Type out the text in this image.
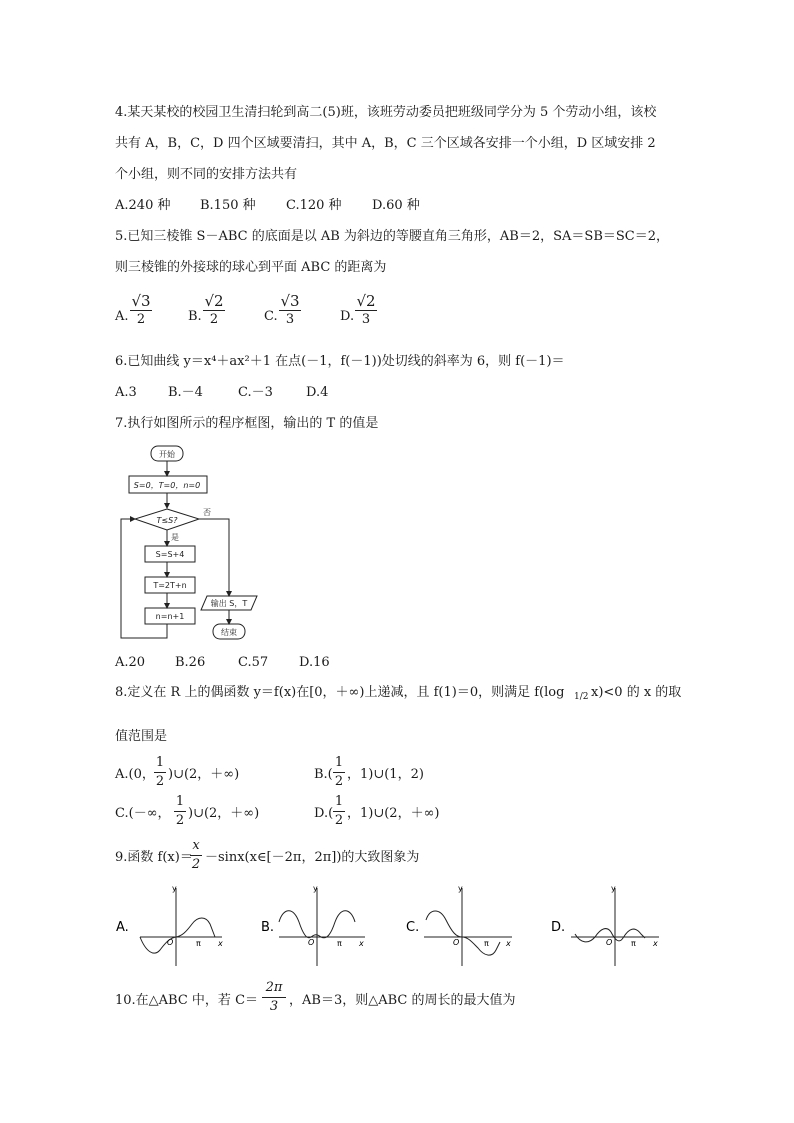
4.某天某校的校园卫生清扫轮到高二(5)班，该班劳动委员把班级同学分为 5 个劳动小组，该校
共有 A，B，C，D 四个区域要清扫，其中 A，B，C 三个区域各安排一个小组，D 区域安排 2
个小组，则不同的安排方法共有
A.240 种 B.150 种 C.120 种 D.60 种
5.已知三棱锥 S－ABC 的底面是以 AB 为斜边的等腰直角三角形，AB＝2，SA＝SB＝SC＝2，
则三棱锥的外接球的球心到平面 ABC 的距离为
A.
√3
2	B.
√2
2	C.
√3
3	D.
√2
3
6.已知曲线 y＝x⁴＋ax²＋1 在点(－1，f(－1))处切线的斜率为 6，则 f(－1)＝
A.3 B.－4	C.－3	D.4
7.执行如图所示的程序框图，输出的 T 的值是
开始
S=0，T=0，n=0
T≤S?
否
是
S=S+4
T=2T+n
n=n+1
输出 S，T
结束
A.20 B.26	C.57 D.16
8.定义在 R 上的偶函数 y＝f(x)在[0，＋∞)上递减，且 f(1)＝0，则满足 f(log 1/2 x)<0 的 x 的取
值范围是
A.(0，
1
2 )∪(2，＋∞)	B.(
1
2 ，1)∪(1，2)
C.(－∞，
1
2 )∪(2，＋∞)	D.(
1
2 ，1)∪(2，＋∞)
9.函数 f(x)＝
x
2 －sinx(x∈[－2π，2π])的大致图象为
A.
y
O	π x
B.
y
O	π x
C.
y
O	π x
D.
y
O π x
10.在△ABC 中，若 C＝
2π
3 ，AB＝3，则△ABC 的周长的最大值为
